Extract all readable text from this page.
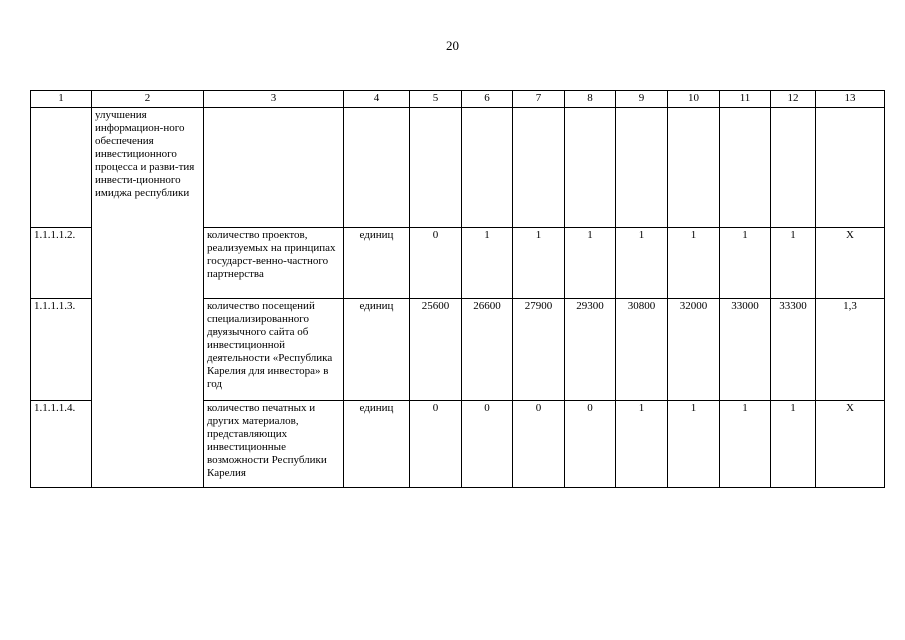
20
1	2	3	4	5	6	7	8	9	10	11	12	13
	улучшения информацион-ного обеспечения инвестиционного процесса и разви-тия инвести-ционного имиджа республики											
1.1.1.1.2.		количество проектов, реализуемых на принципах государст-венно-частного партнерства	единиц	0	1	1	1	1	1	1	1	Х
1.1.1.1.3.		количество посещений специализированного двуязычного сайта об инвестиционной деятельности «Республика Карелия для инвестора» в год	единиц	25600	26600	27900	29300	30800	32000	33000	33300	1,3
1.1.1.1.4.		количество печатных и других материалов, представляющих инвестиционные возможности Республики Карелия	единиц	0	0	0	0	1	1	1	1	Х
